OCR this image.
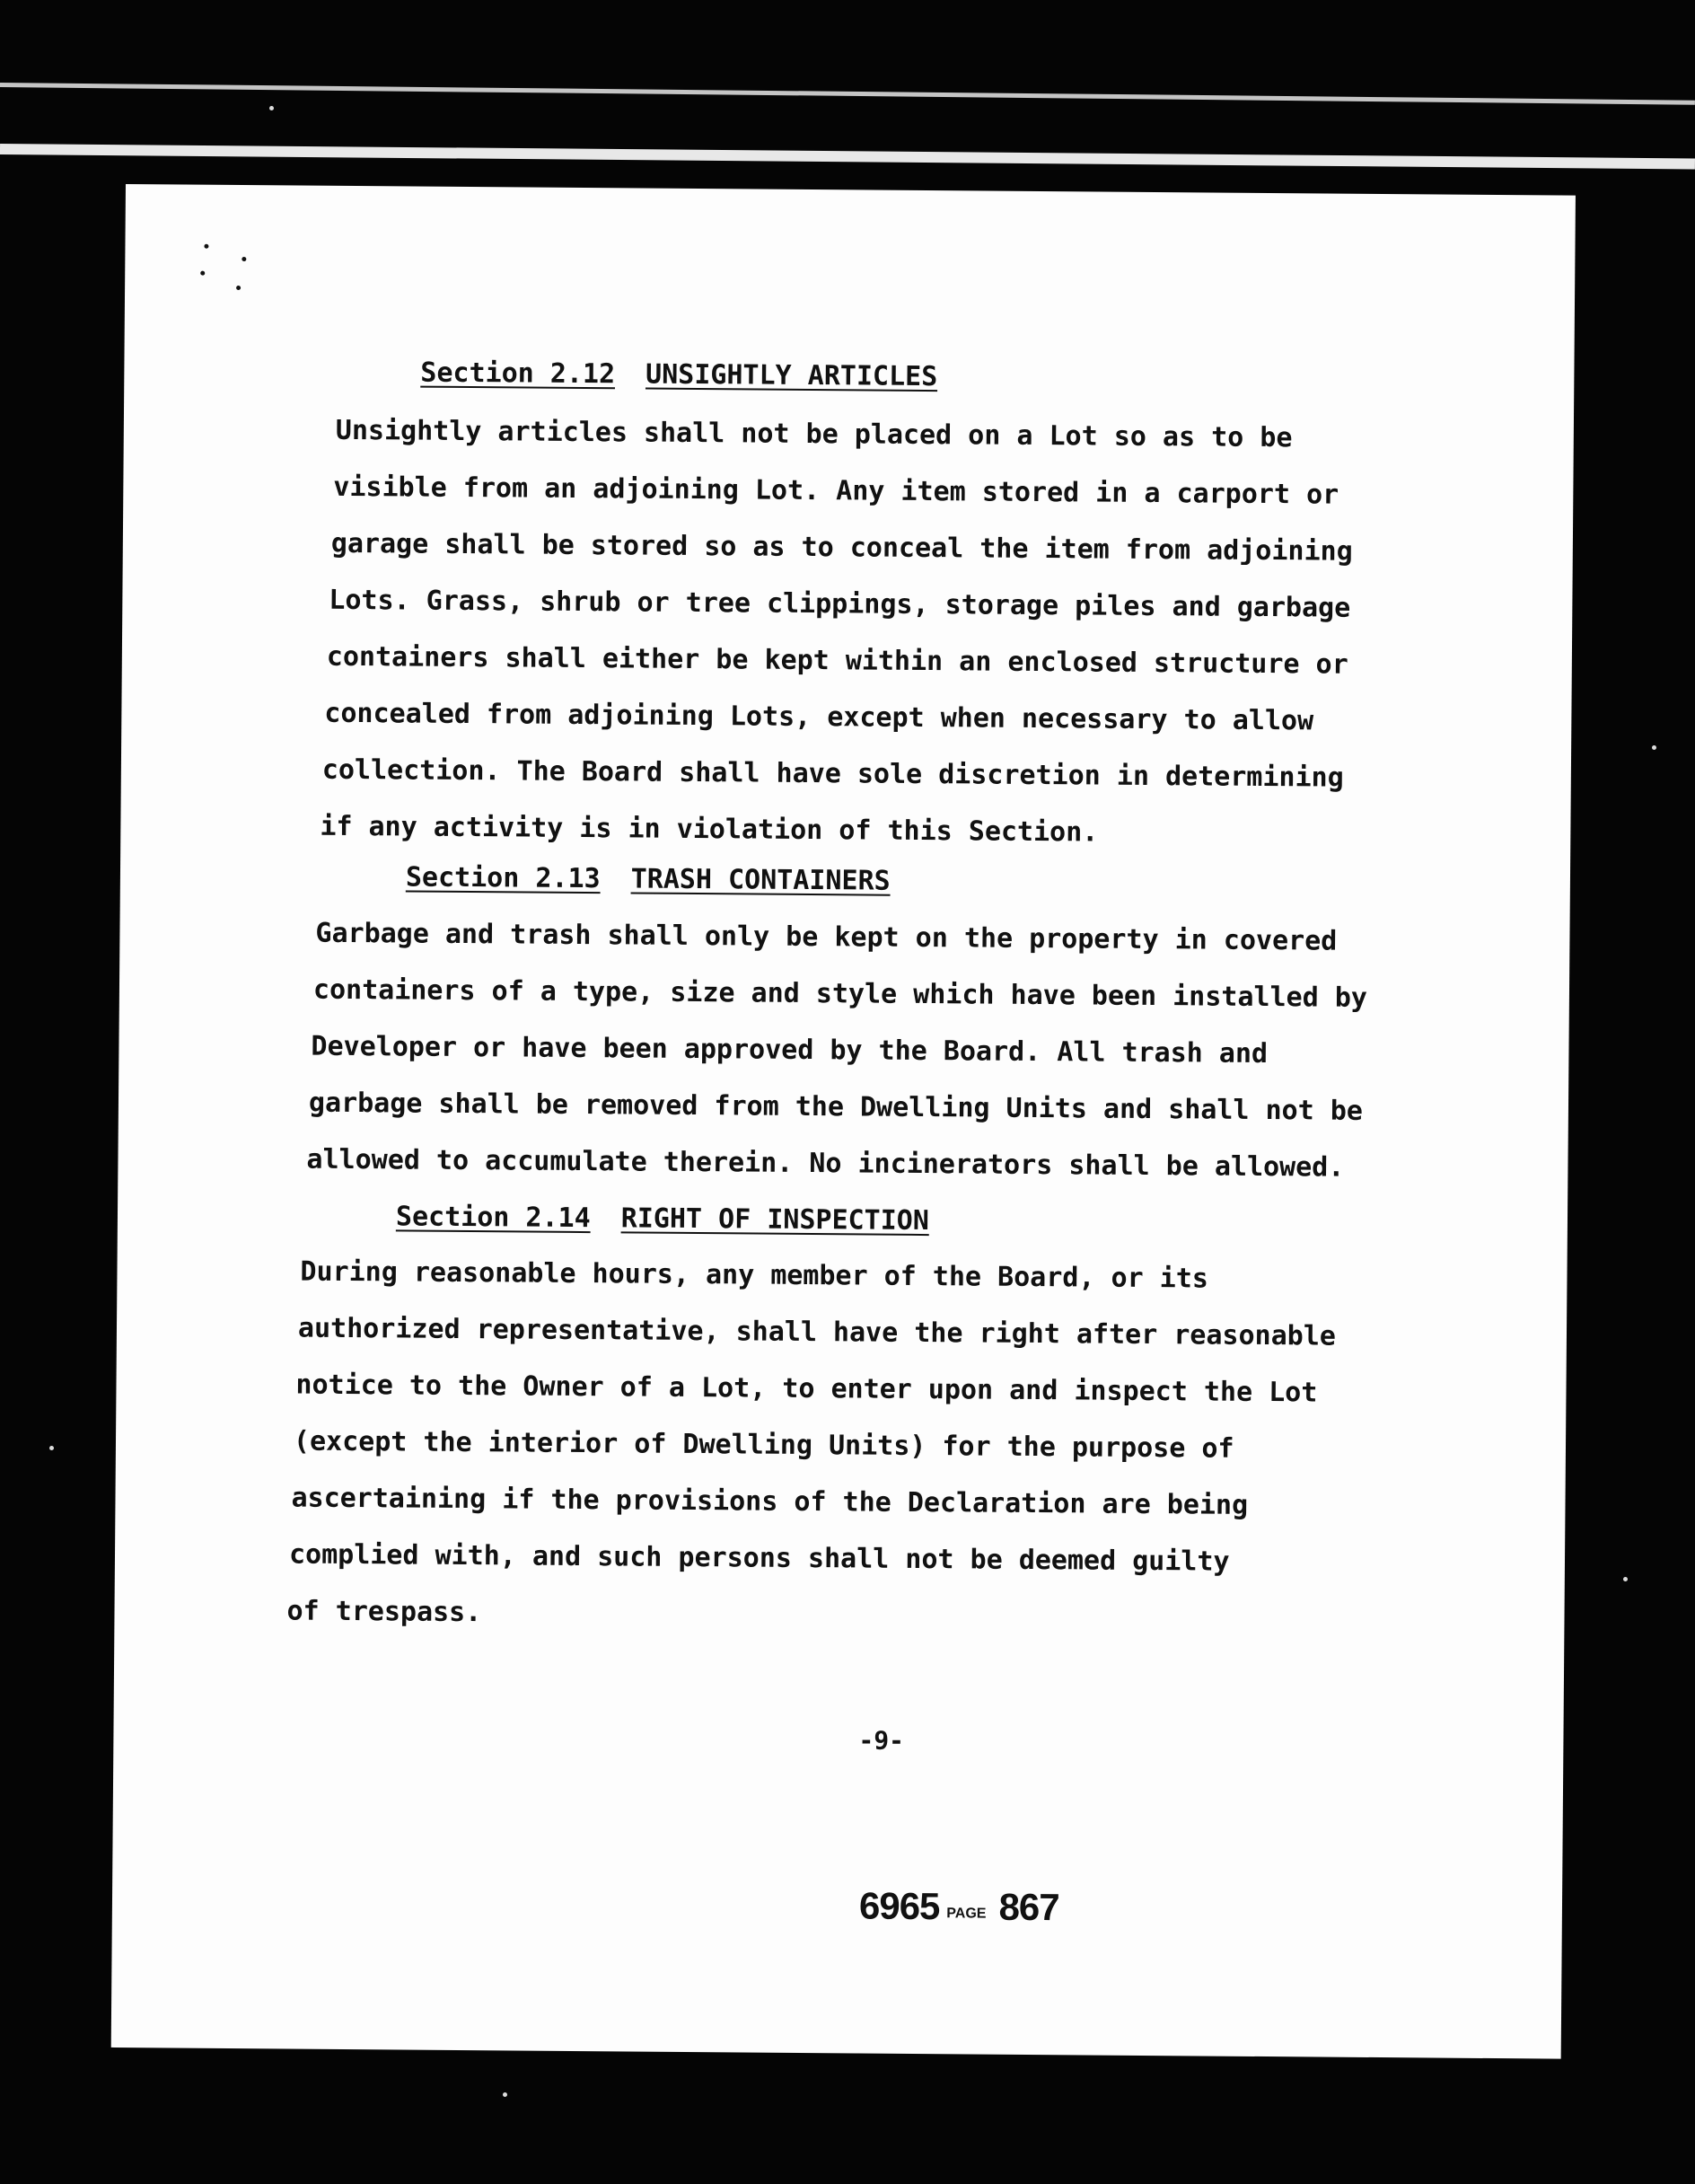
Section 2.12 UNSIGHTLY ARTICLES
Unsightly articles shall not be placed on a Lot so as to be
visible from an adjoining Lot. Any item stored in a carport or
garage shall be stored so as to conceal the item from adjoining
Lots. Grass, shrub or tree clippings, storage piles and garbage
containers shall either be kept within an enclosed structure or
concealed from adjoining Lots, except when necessary to allow
collection. The Board shall have sole discretion in determining
if any activity is in violation of this Section.
Section 2.13 TRASH CONTAINERS
Garbage and trash shall only be kept on the property in covered
containers of a type, size and style which have been installed by
Developer or have been approved by the Board. All trash and
garbage shall be removed from the Dwelling Units and shall not be
allowed to accumulate therein. No incinerators shall be allowed.
Section 2.14 RIGHT OF INSPECTION
During reasonable hours, any member of the Board, or its
authorized representative, shall have the right after reasonable
notice to the Owner of a Lot, to enter upon and inspect the Lot
(except the interior of Dwelling Units) for the purpose of
ascertaining if the provisions of the Declaration are being
complied with, and such persons shall not be deemed guilty
of trespass.
-9-
6965 PAGE 867
